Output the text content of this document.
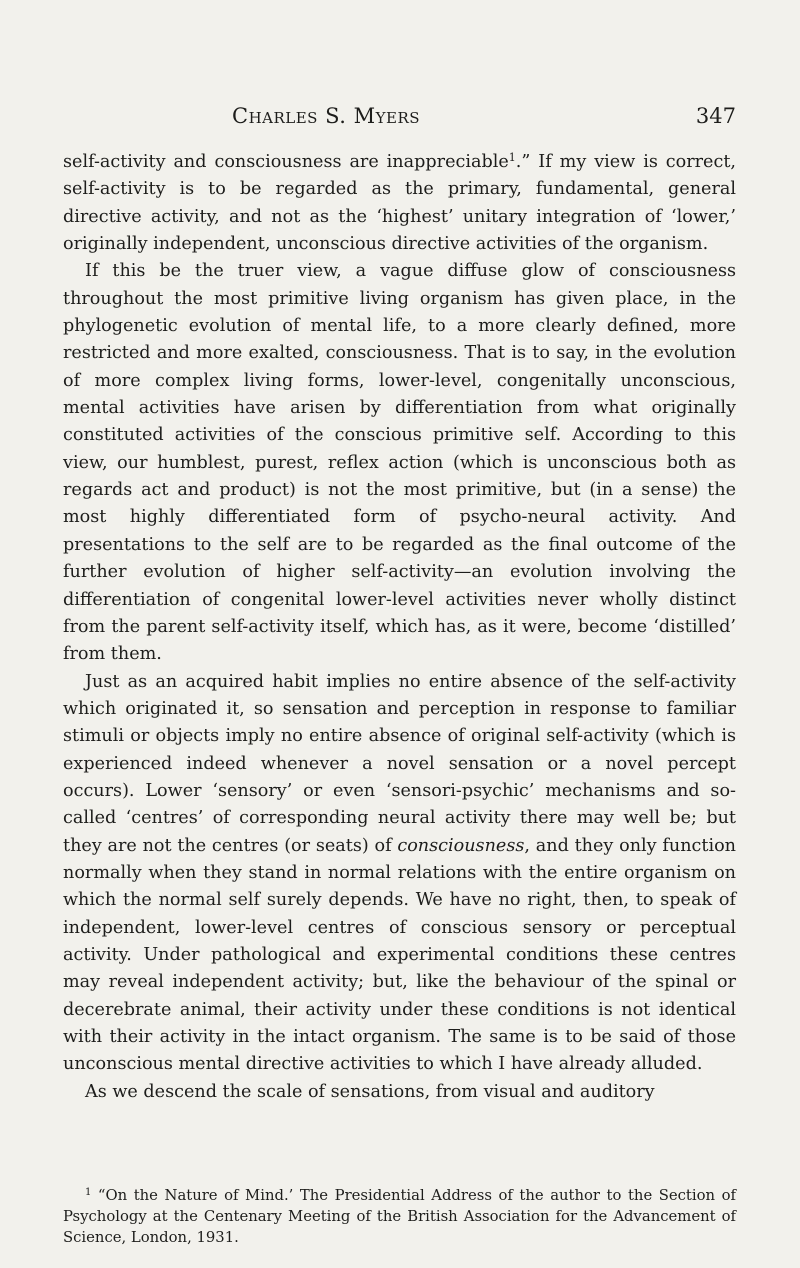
Charles S. Myers	347

self-activity and consciousness are inappreciable$^1$.” If my view is correct, self-activity is to be regarded as the primary, fundamental, general directive activity, and not as the ‘highest’ unitary integration of ‘lower,’ originally independent, unconscious directive activities of the organism.

If this be the truer view, a vague diffuse glow of consciousness throughout the most primitive living organism has given place, in the phylogenetic evolution of mental life, to a more clearly defined, more restricted and more exalted, consciousness. That is to say, in the evolution of more complex living forms, lower-level, congenitally unconscious, mental activities have arisen by differentiation from what originally constituted activities of the conscious primitive self. According to this view, our humblest, purest, reflex action (which is unconscious both as regards act and product) is not the most primitive, but (in a sense) the most highly differentiated form of psycho-neural activity. And presentations to the self are to be regarded as the final outcome of the further evolution of higher self-activity—an evolution involving the differentiation of congenital lower-level activities never wholly distinct from the parent self-activity itself, which has, as it were, become ‘distilled’ from them.

Just as an acquired habit implies no entire absence of the self-activity which originated it, so sensation and perception in response to familiar stimuli or objects imply no entire absence of original self-activity (which is experienced indeed whenever a novel sensation or a novel percept occurs). Lower ‘sensory’ or even ‘sensori-psychic’ mechanisms and so-called ‘centres’ of corresponding neural activity there may well be; but they are not the centres (or seats) of consciousness, and they only function normally when they stand in normal relations with the entire organism on which the normal self surely depends. We have no right, then, to speak of independent, lower-level centres of conscious sensory or perceptual activity. Under pathological and experimental conditions these centres may reveal independent activity; but, like the behaviour of the spinal or decerebrate animal, their activity under these conditions is not identical with their activity in the intact organism. The same is to be said of those unconscious mental directive activities to which I have already alluded.

As we descend the scale of sensations, from visual and auditory

$^1$ “On the Nature of Mind.’ The Presidential Address of the author to the Section of Psychology at the Centenary Meeting of the British Association for the Advancement of Science, London, 1931.
